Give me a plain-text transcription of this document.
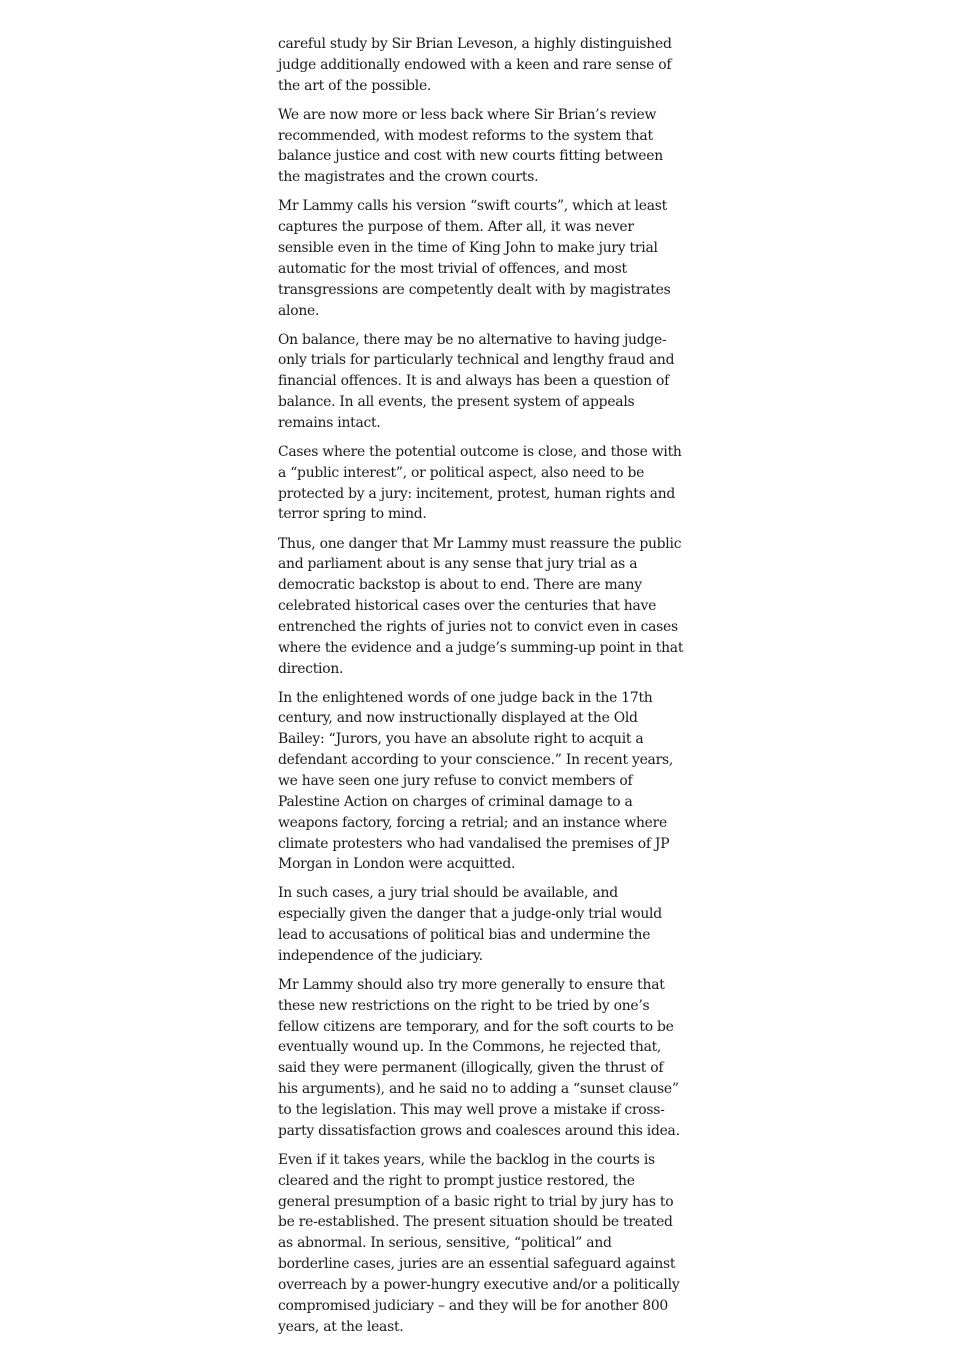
careful study by Sir Brian Leveson, a highly distinguished judge additionally endowed with a keen and rare sense of the art of the possible.

We are now more or less back where Sir Brian’s review recommended, with modest reforms to the system that balance justice and cost with new courts fitting between the magistrates and the crown courts.

Mr Lammy calls his version “swift courts”, which at least captures the purpose of them. After all, it was never sensible even in the time of King John to make jury trial automatic for the most trivial of offences, and most transgressions are competently dealt with by magistrates alone.

On balance, there may be no alternative to having judge-only trials for particularly technical and lengthy fraud and financial offences. It is and always has been a question of balance. In all events, the present system of appeals remains intact.

Cases where the potential outcome is close, and those with a “public interest”, or political aspect, also need to be protected by a jury: incitement, protest, human rights and terror spring to mind.

Thus, one danger that Mr Lammy must reassure the public and parliament about is any sense that jury trial as a democratic backstop is about to end. There are many celebrated historical cases over the centuries that have entrenched the rights of juries not to convict even in cases where the evidence and a judge’s summing-up point in that direction.

In the enlightened words of one judge back in the 17th century, and now instructionally displayed at the Old Bailey: “Jurors, you have an absolute right to acquit a defendant according to your conscience.” In recent years, we have seen one jury refuse to convict members of Palestine Action on charges of criminal damage to a weapons factory, forcing a retrial; and an instance where climate protesters who had vandalised the premises of JP Morgan in London were acquitted.

In such cases, a jury trial should be available, and especially given the danger that a judge-only trial would lead to accusations of political bias and undermine the independence of the judiciary.

Mr Lammy should also try more generally to ensure that these new restrictions on the right to be tried by one’s fellow citizens are temporary, and for the soft courts to be eventually wound up. In the Commons, he rejected that, said they were permanent (illogically, given the thrust of his arguments), and he said no to adding a “sunset clause” to the legislation. This may well prove a mistake if cross-party dissatisfaction grows and coalesces around this idea.

Even if it takes years, while the backlog in the courts is cleared and the right to prompt justice restored, the general presumption of a basic right to trial by jury has to be re-established. The present situation should be treated as abnormal. In serious, sensitive, “political” and borderline cases, juries are an essential safeguard against overreach by a power-hungry executive and/or a politically compromised judiciary – and they will be for another 800 years, at the least.
